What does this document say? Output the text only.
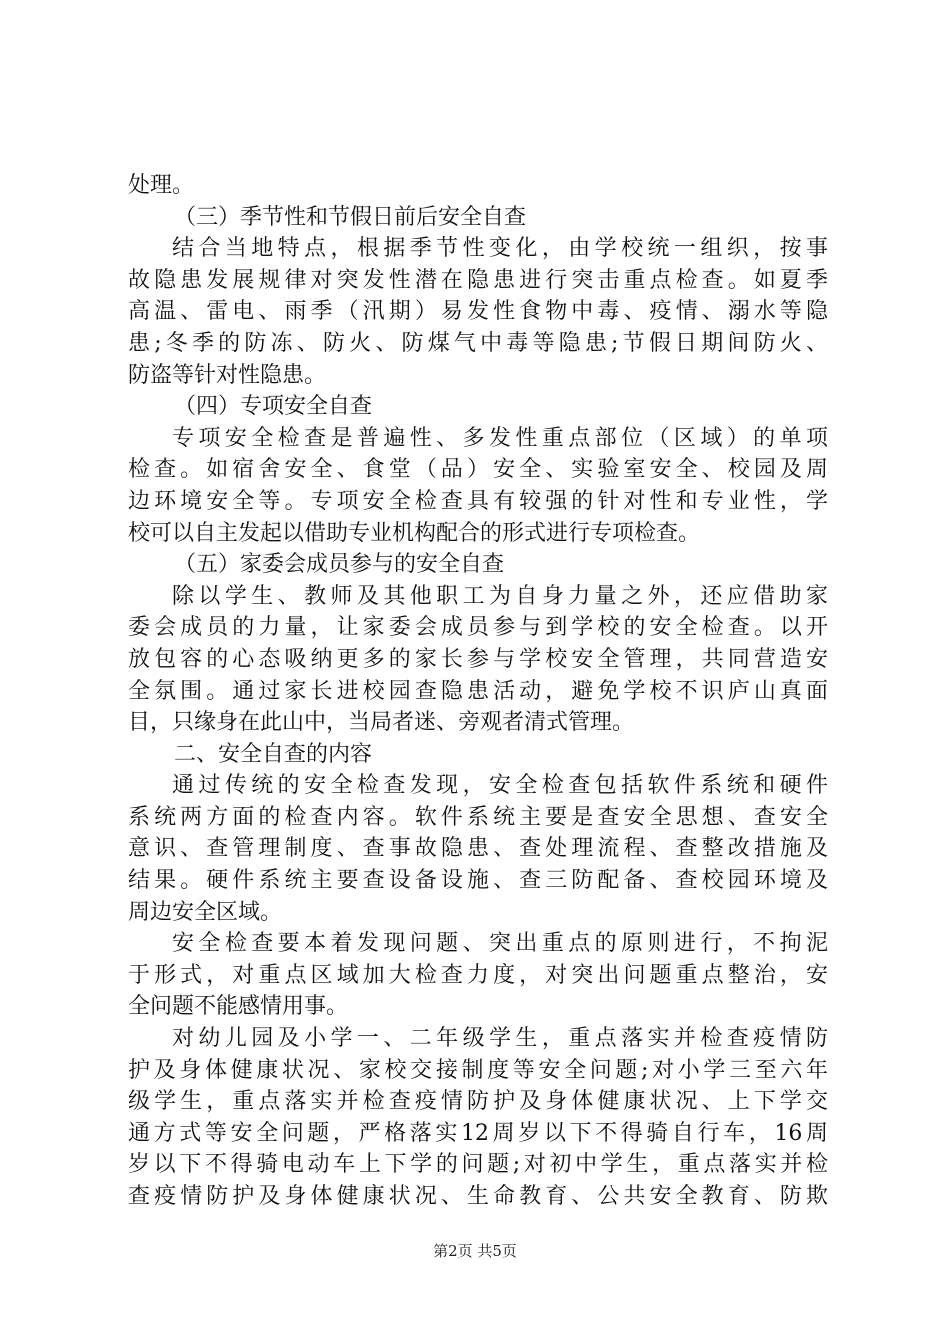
处理。
（三）季节性和节假日前后安全自查
结合当地特点，根据季节性变化，由学校统一组织，按事
故隐患发展规律对突发性潜在隐患进行突击重点检查。如夏季
高温、雷电、雨季（汛期）易发性食物中毒、疫情、溺水等隐
患;冬季的防冻、防火、防煤气中毒等隐患;节假日期间防火、
防盗等针对性隐患。
（四）专项安全自查
专项安全检查是普遍性、多发性重点部位（区域）的单项
检查。如宿舍安全、食堂（品）安全、实验室安全、校园及周
边环境安全等。专项安全检查具有较强的针对性和专业性，学
校可以自主发起以借助专业机构配合的形式进行专项检查。
（五）家委会成员参与的安全自查
除以学生、教师及其他职工为自身力量之外，还应借助家
委会成员的力量，让家委会成员参与到学校的安全检查。以开
放包容的心态吸纳更多的家长参与学校安全管理，共同营造安
全氛围。通过家长进校园查隐患活动，避免学校不识庐山真面
目，只缘身在此山中，当局者迷、旁观者清式管理。
二、安全自查的内容
通过传统的安全检查发现，安全检查包括软件系统和硬件
系统两方面的检查内容。软件系统主要是查安全思想、查安全
意识、查管理制度、查事故隐患、查处理流程、查整改措施及
结果。硬件系统主要查设备设施、查三防配备、查校园环境及
周边安全区域。
安全检查要本着发现问题、突出重点的原则进行，不拘泥
于形式，对重点区域加大检查力度，对突出问题重点整治，安
全问题不能感情用事。
对幼儿园及小学一、二年级学生，重点落实并检查疫情防
护及身体健康状况、家校交接制度等安全问题;对小学三至六年
级学生，重点落实并检查疫情防护及身体健康状况、上下学交
通方式等安全问题，严格落实12周岁以下不得骑自行车，16周
岁以下不得骑电动车上下学的问题;对初中学生，重点落实并检
查疫情防护及身体健康状况、生命教育、公共安全教育、防欺
第2页 共5页
